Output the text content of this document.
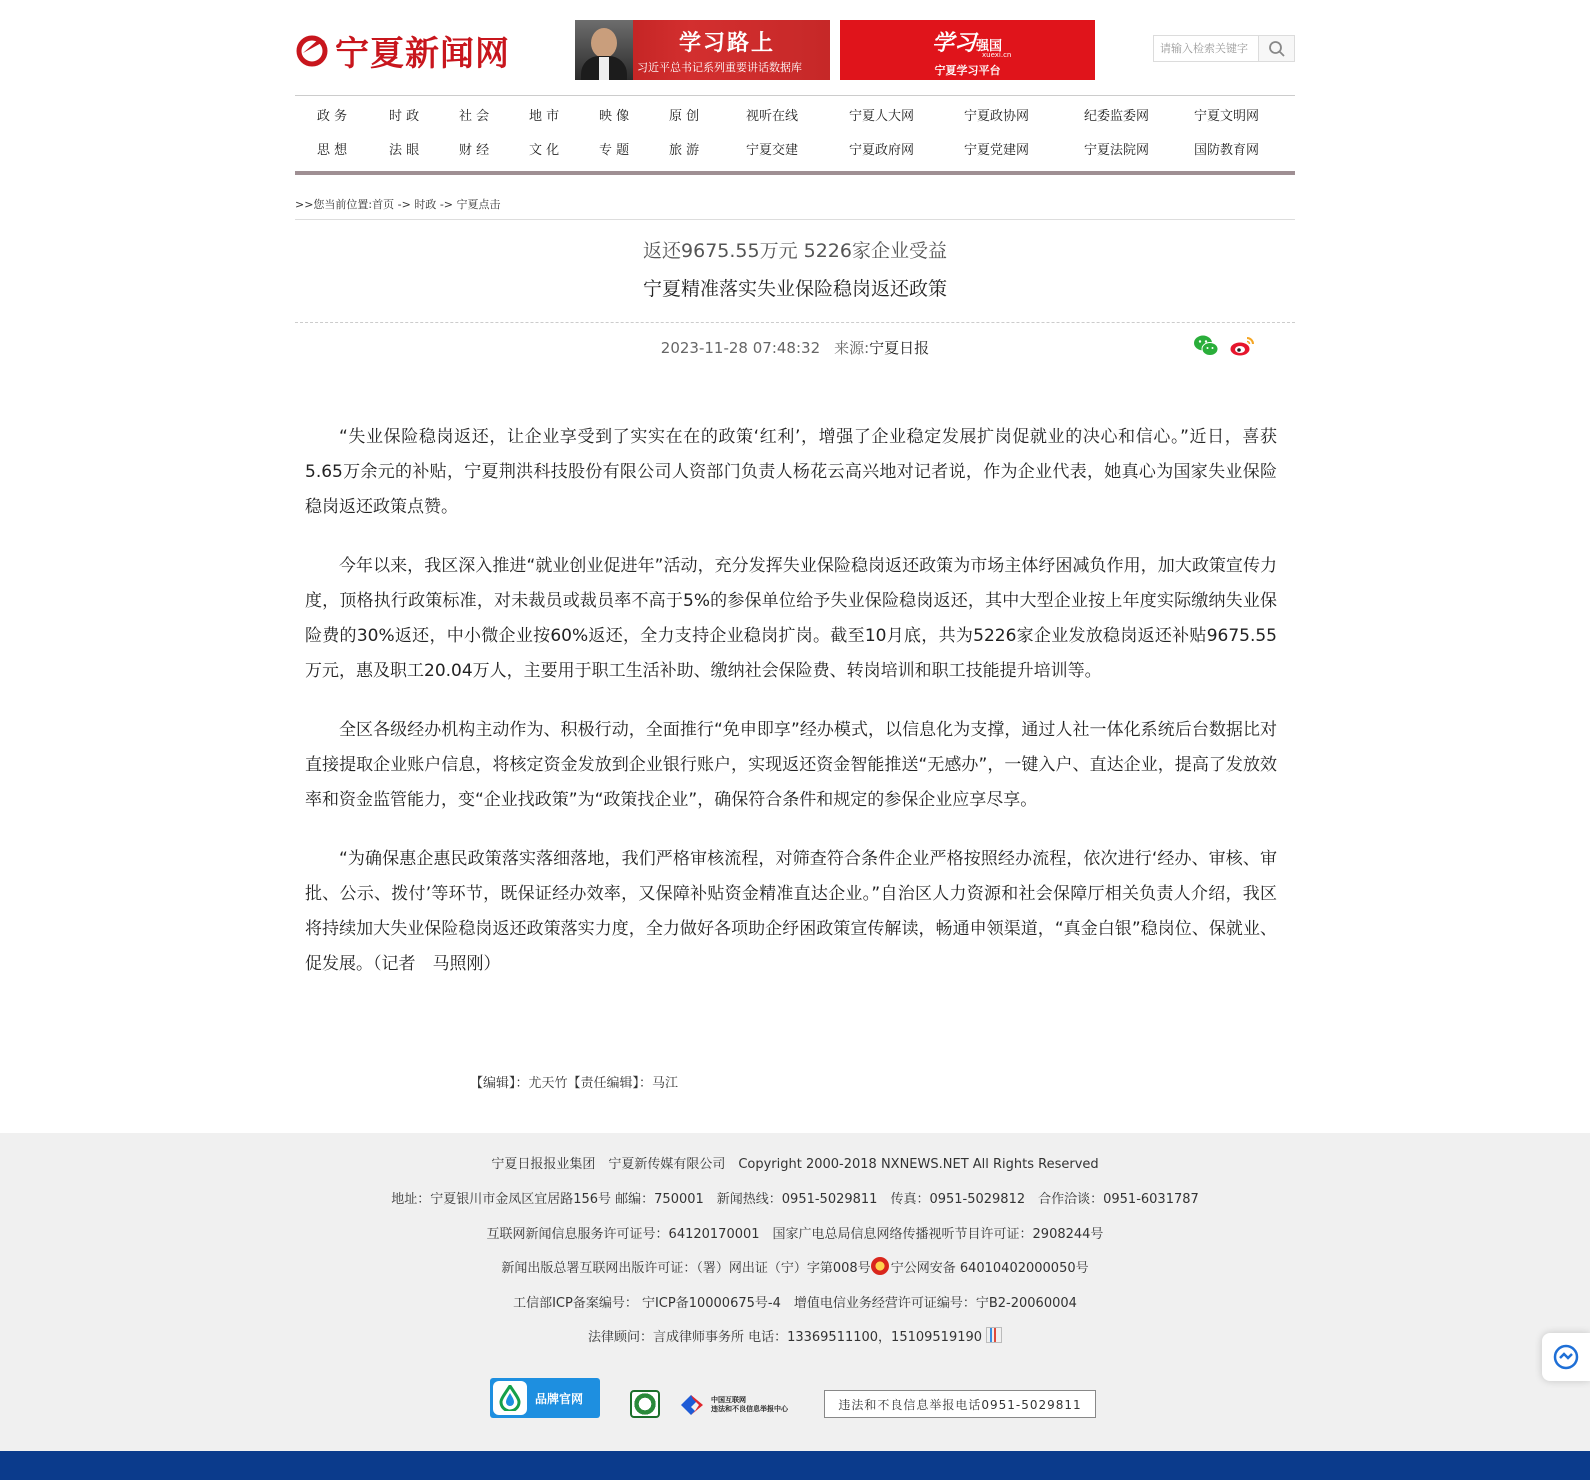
宁夏新闻网	学习路上
习近平总书记系列重要讲话数据库
学习强国
xuexi.cn
宁夏学习平台
请输入检索关键字
政 务	时 政	社 会	地 市	映 像	原 创	视听在线	宁夏人大网	宁夏政协网	纪委监委网	宁夏文明网
思 想	法 眼	财 经	文 化	专 题	旅 游	宁夏交建	宁夏政府网	宁夏党建网	宁夏法院网	国防教育网
>>您当前位置:首页 -> 时政 -> 宁夏点击
返还9675.55万元 5226家企业受益
宁夏精准落实失业保险稳岗返还政策
2023-11-28 07:48:32 来源:宁夏日报

“失业保险稳岗返还，让企业享受到了实实在在的政策‘红利’，增强了企业稳定发展扩岗促就业的决心和信心。”近日，喜获5.65万余元的补贴，宁夏荆洪科技股份有限公司人资部门负责人杨花云高兴地对记者说，作为企业代表，她真心为国家失业保险稳岗返还政策点赞。

今年以来，我区深入推进“就业创业促进年”活动，充分发挥失业保险稳岗返还政策为市场主体纾困减负作用，加大政策宣传力度，顶格执行政策标准，对未裁员或裁员率不高于5%的参保单位给予失业保险稳岗返还，其中大型企业按上年度实际缴纳失业保险费的30%返还，中小微企业按60%返还，全力支持企业稳岗扩岗。截至10月底，共为5226家企业发放稳岗返还补贴9675.55万元，惠及职工20.04万人，主要用于职工生活补助、缴纳社会保险费、转岗培训和职工技能提升培训等。

全区各级经办机构主动作为、积极行动，全面推行“免申即享”经办模式，以信息化为支撑，通过人社一体化系统后台数据比对直接提取企业账户信息，将核定资金发放到企业银行账户，实现返还资金智能推送“无感办”，一键入户、直达企业，提高了发放效率和资金监管能力，变“企业找政策”为“政策找企业”，确保符合条件和规定的参保企业应享尽享。

“为确保惠企惠民政策落实落细落地，我们严格审核流程，对筛查符合条件企业严格按照经办流程，依次进行‘经办、审核、审批、公示、拨付’等环节，既保证经办效率，又保障补贴资金精准直达企业。”自治区人力资源和社会保障厅相关负责人介绍，我区将持续加大失业保险稳岗返还政策落实力度，全力做好各项助企纾困政策宣传解读，畅通申领渠道，“真金白银”稳岗位、保就业、促发展。（记者　马照刚）

【编辑】：尤天竹【责任编辑】：马江
宁夏日报报业集团　宁夏新传媒有限公司　Copyright 2000-2018 NXNEWS.NET All Rights Reserved
地址：宁夏银川市金凤区宜居路156号 邮编：750001　新闻热线：0951-5029811　传真：0951-5029812　合作洽谈：0951-6031787
互联网新闻信息服务许可证号：64120170001　国家广电总局信息网络传播视听节目许可证：2908244号
新闻出版总署互联网出版许可证：（署）网出证（宁）字第008号 宁公网安备 64010402000050号
工信部ICP备案编号： 宁ICP备10000675号-4　增值电信业务经营许可证编号：宁B2-20060004
法律顾问：言成律师事务所 电话：13369511100，15109519190
品牌官网	中国互联网
违法和不良信息举报中心	违法和不良信息举报电话0951-5029811
